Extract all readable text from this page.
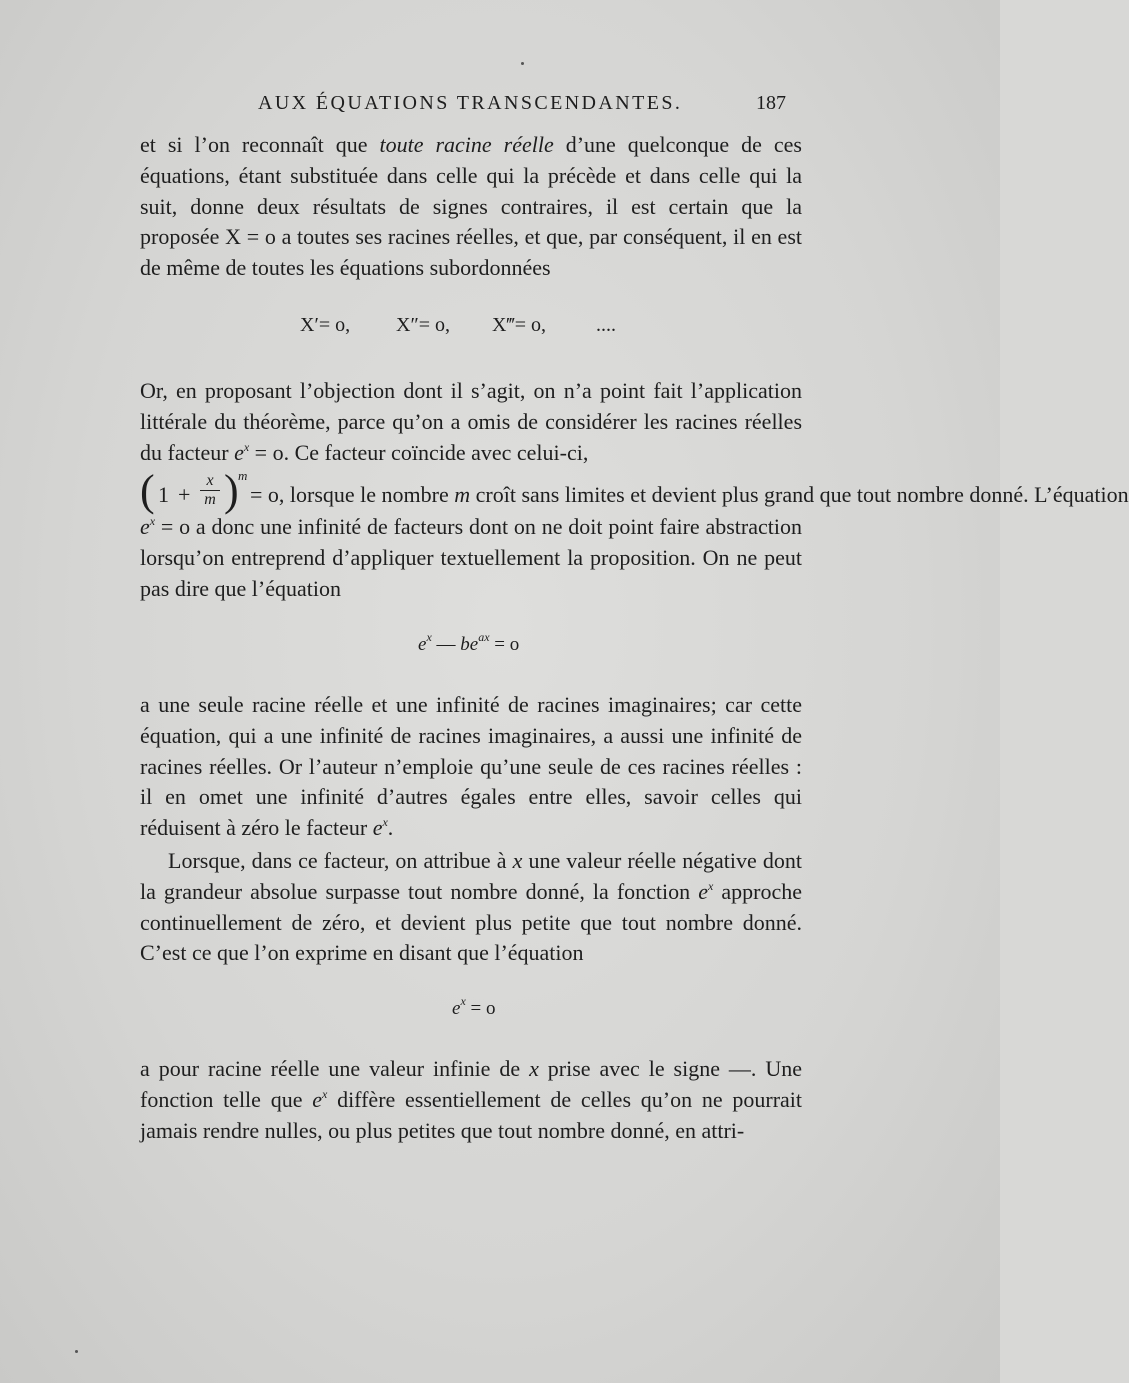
AUX ÉQUATIONS TRANSCENDANTES.	187

et si l’on reconnaît que toute racine réelle d’une quelconque de ces équations, étant substituée dans celle qui la précède et dans celle qui la suit, donne deux résultats de signes contraires, il est certain que la proposée X = o a toutes ses racines réelles, et que, par conséquent, il en est de même de toutes les équations subordonnées

X′= o, X″= o, X‴= o, ....

Or, en proposant l’objection dont il s’agit, on n’a point fait l’application littérale du théorème, parce qu’on a omis de considérer les racines réelles du facteur $e^x = o$. Ce facteur coïncide avec celui-ci,

( $1 + \frac{x}{m}$ ) m
= o, lorsque le nombre m croît sans limites et devient plus grand que tout nombre donné. L’équation

$e^x = o$ a donc une infinité de facteurs dont on ne doit point faire abstraction lorsqu’on entreprend d’appliquer textuellement la proposition. On ne peut pas dire que l’équation

$e^x$ — $be^{ax} = o$

a une seule racine réelle et une infinité de racines imaginaires; car cette équation, qui a une infinité de racines imaginaires, a aussi une infinité de racines réelles. Or l’auteur n’emploie qu’une seule de ces racines réelles : il en omet une infinité d’autres égales entre elles, savoir celles qui réduisent à zéro le facteur $e^x$.

Lorsque, dans ce facteur, on attribue à x une valeur réelle négative dont la grandeur absolue surpasse tout nombre donné, la fonction $e^x$ approche continuellement de zéro, et devient plus petite que tout nombre donné. C’est ce que l’on exprime en disant que l’équation

$e^x = o$

a pour racine réelle une valeur infinie de x prise avec le signe —. Une fonction telle que $e^x$ diffère essentiellement de celles qu’on ne pourrait jamais rendre nulles, ou plus petites que tout nombre donné, en attri-
